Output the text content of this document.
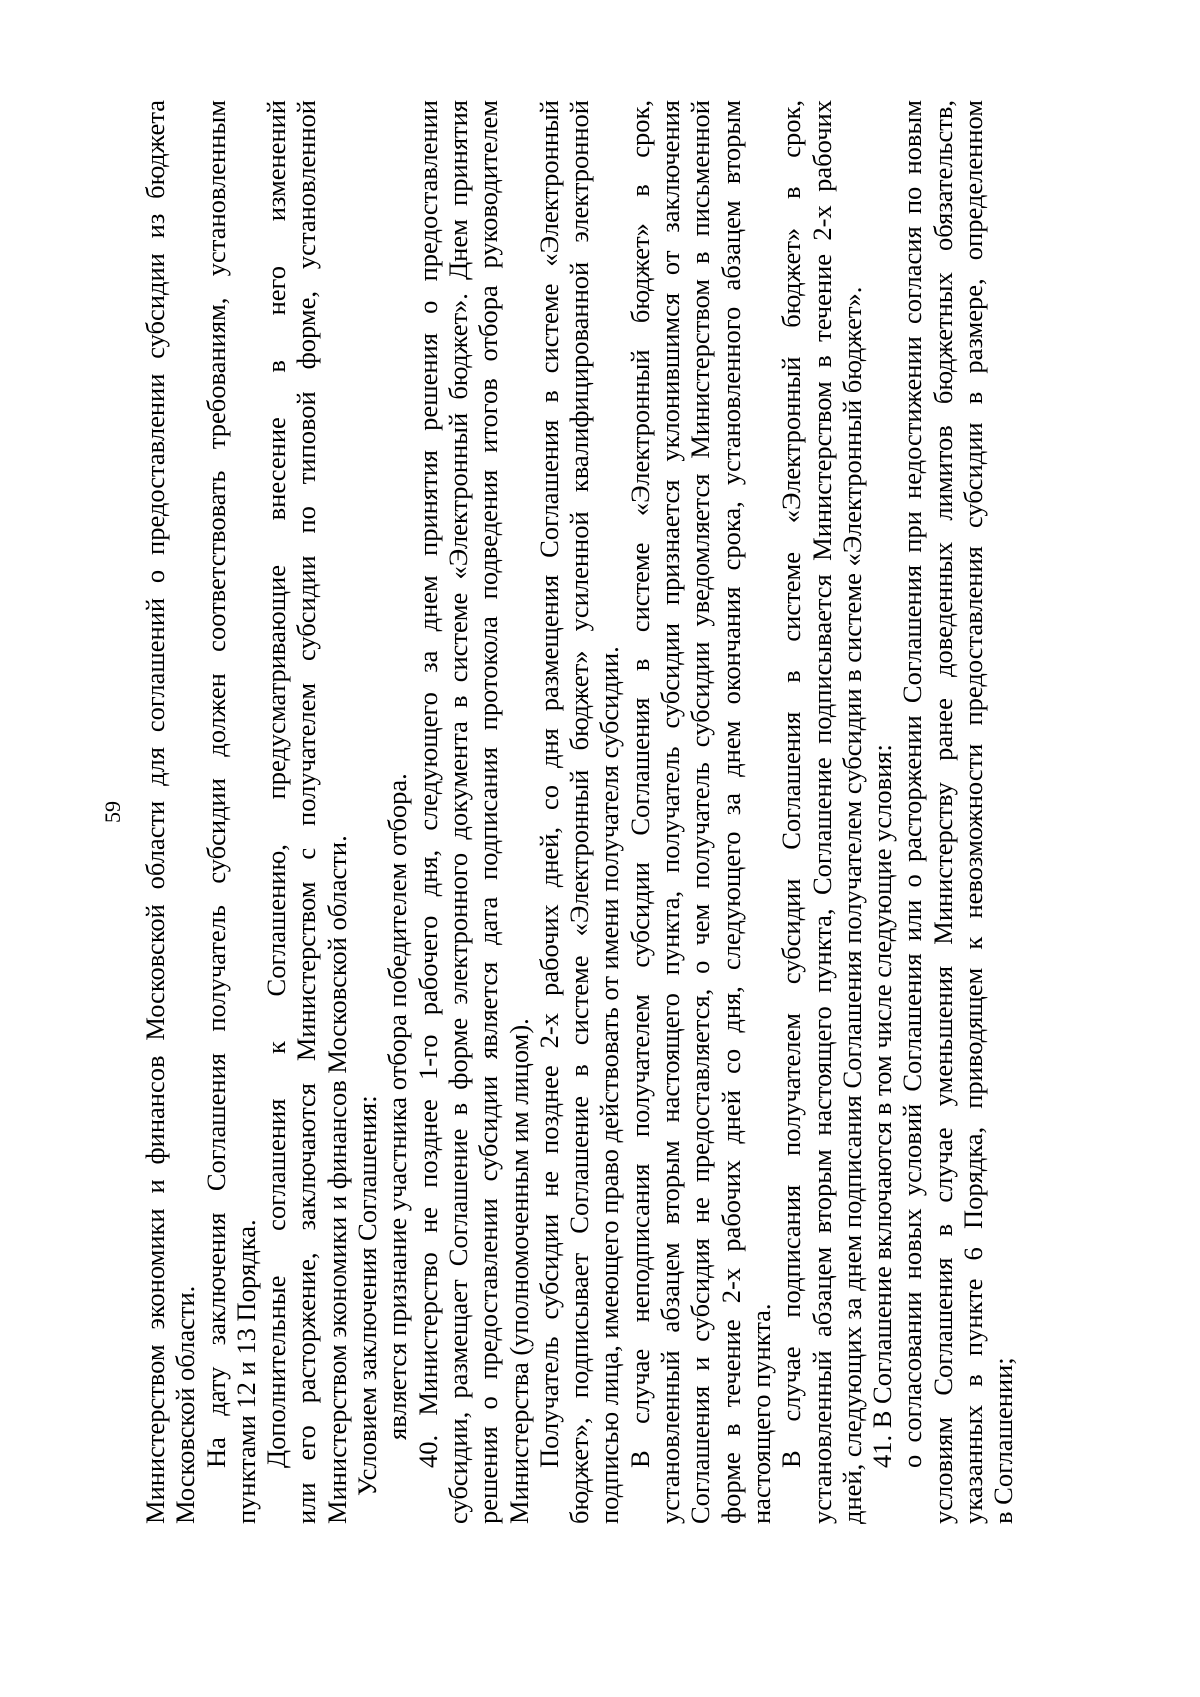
59 Министерством экономики и финансов Московской области для соглашений о предоставлении субсидии из бюджета Московской области. На дату заключения Соглашения получатель субсидии должен соответствовать требованиям, установленным пунктами 12 и 13 Порядка. Дополнительные соглашения к Соглашению, предусматривающие внесение в него изменений или его расторжение, заключаются Министерством с получателем субсидии по типовой форме, установленной Министерством экономики и финансов Московской области. Условием заключения Соглашения: является признание участника отбора победителем отбора. 40. Министерство не позднее 1-го рабочего дня, следующего за днем принятия решения о предоставлении субсидии, размещает Соглашение в форме электронного документа в системе «Электронный бюджет». Днем принятия решения о предоставлении субсидии является дата подписания протокола подведения итогов отбора руководителем Министерства (уполномоченным им лицом). Получатель субсидии не позднее 2-х рабочих дней, со дня размещения Соглашения в системе «Электронный бюджет», подписывает Соглашение в системе «Электронный бюджет» усиленной квалифицированной электронной подписью лица, имеющего право действовать от имени получателя субсидии. В случае неподписания получателем субсидии Соглашения в системе «Электронный бюджет» в срок, установленный абзацем вторым настоящего пункта, получатель субсидии признается уклонившимся от заключения Соглашения и субсидия не предоставляется, о чем получатель субсидии уведомляется Министерством в письменной форме в течение 2-х рабочих дней со дня, следующего за днем окончания срока, установленного абзацем вторым настоящего пункта. В случае подписания получателем субсидии Соглашения в системе «Электронный бюджет» в срок, установленный абзацем вторым настоящего пункта, Соглашение подписывается Министерством в течение 2-х рабочих дней, следующих за днем подписания Соглашения получателем субсидии в системе «Электронный бюджет». 41. В Соглашение включаются в том числе следующие условия: о согласовании новых условий Соглашения или о расторжении Соглашения при недостижении согласия по новым условиям Соглашения в случае уменьшения Министерству ранее доведенных лимитов бюджетных обязательств, указанных в пункте 6 Порядка, приводящем к невозможности предоставления субсидии в размере, определенном в Соглашении;
